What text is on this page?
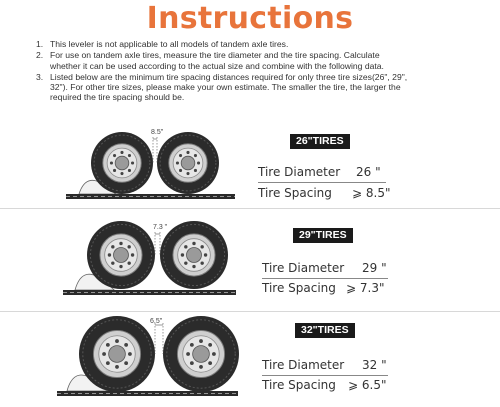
Instructions
1. This leveler is not applicable to all models of tandem axle tires.
2. For use on tandem axle tires, measure the tire diameter and the tire spacing. Calculate whether it can be used according to the actual size and combine with the following data.
3. Listed below are the minimum tire spacing distances required for only three tire sizes(26", 29", 32"). For other tire sizes, please make your own estimate. The smaller the tire, the larger the required the tire spacing should be.
8.5"
26"TIRES
Tire Diameter 26 "
Tire Spacing ⩾ 8.5"
7.3 "
29"TIRES
Tire Diameter 29 "
Tire Spacing ⩾ 7.3"
6.5"
32"TIRES
Tire Diameter 32 "
Tire Spacing ⩾ 6.5"
